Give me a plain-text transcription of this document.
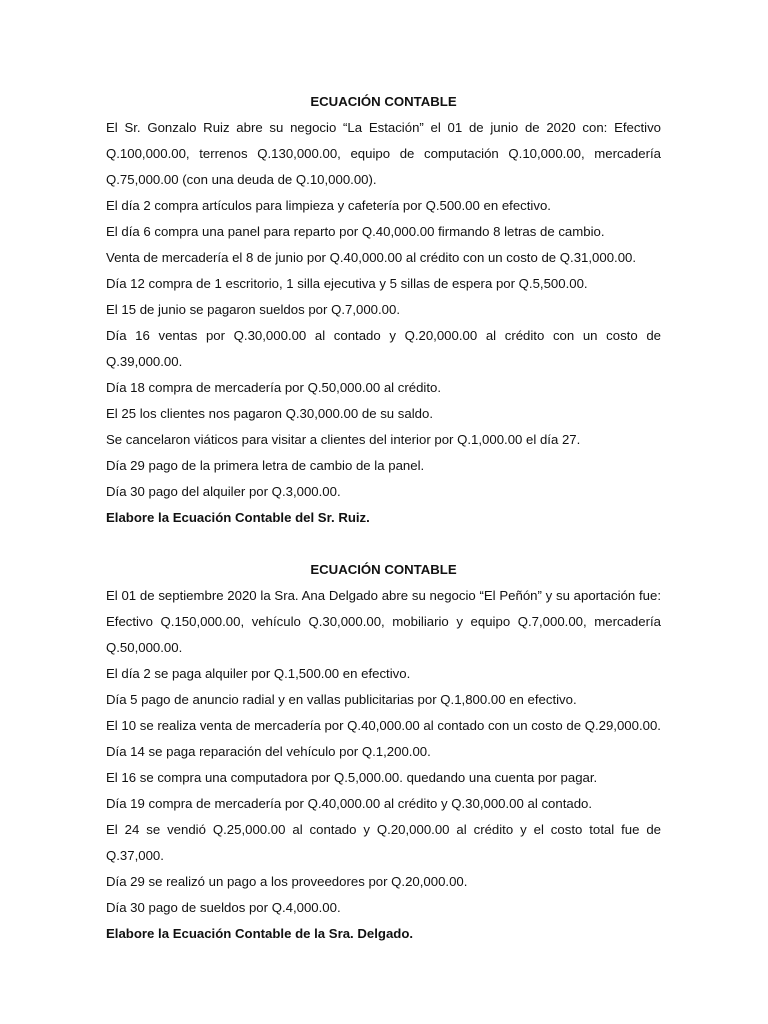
ECUACIÓN CONTABLE

El Sr. Gonzalo Ruiz abre su negocio “La Estación” el 01 de junio de 2020 con: Efectivo Q.100,000.00, terrenos Q.130,000.00, equipo de computación Q.10,000.00, mercadería Q.75,000.00 (con una deuda de Q.10,000.00).

El día 2 compra artículos para limpieza y cafetería por Q.500.00 en efectivo.

El día 6 compra una panel para reparto por Q.40,000.00 firmando 8 letras de cambio.

Venta de mercadería el 8 de junio por Q.40,000.00 al crédito con un costo de Q.31,000.00.

Día 12 compra de 1 escritorio, 1 silla ejecutiva y 5 sillas de espera por Q.5,500.00.

El 15 de junio se pagaron sueldos por Q.7,000.00.

Día 16 ventas por Q.30,000.00 al contado y Q.20,000.00 al crédito con un costo de Q.39,000.00.

Día 18 compra de mercadería por Q.50,000.00 al crédito.

El 25 los clientes nos pagaron Q.30,000.00 de su saldo.

Se cancelaron viáticos para visitar a clientes del interior por Q.1,000.00 el día 27.

Día 29 pago de la primera letra de cambio de la panel.

Día 30 pago del alquiler por Q.3,000.00.

Elabore la Ecuación Contable del Sr. Ruiz.

ECUACIÓN CONTABLE

El 01 de septiembre 2020 la Sra. Ana Delgado abre su negocio “El Peñón” y su aportación fue: Efectivo Q.150,000.00, vehículo Q.30,000.00, mobiliario y equipo Q.7,000.00, mercadería Q.50,000.00.

El día 2 se paga alquiler por Q.1,500.00 en efectivo.

Día 5 pago de anuncio radial y en vallas publicitarias por Q.1,800.00 en efectivo.

El 10 se realiza venta de mercadería por Q.40,000.00 al contado con un costo de Q.29,000.00.

Día 14 se paga reparación del vehículo por Q.1,200.00.

El 16 se compra una computadora por Q.5,000.00. quedando una cuenta por pagar.

Día 19 compra de mercadería por Q.40,000.00 al crédito y Q.30,000.00 al contado.

El 24 se vendió Q.25,000.00 al contado y Q.20,000.00 al crédito y el costo total fue de Q.37,000.

Día 29 se realizó un pago a los proveedores por Q.20,000.00.

Día 30 pago de sueldos por Q.4,000.00.

Elabore la Ecuación Contable de la Sra. Delgado.
